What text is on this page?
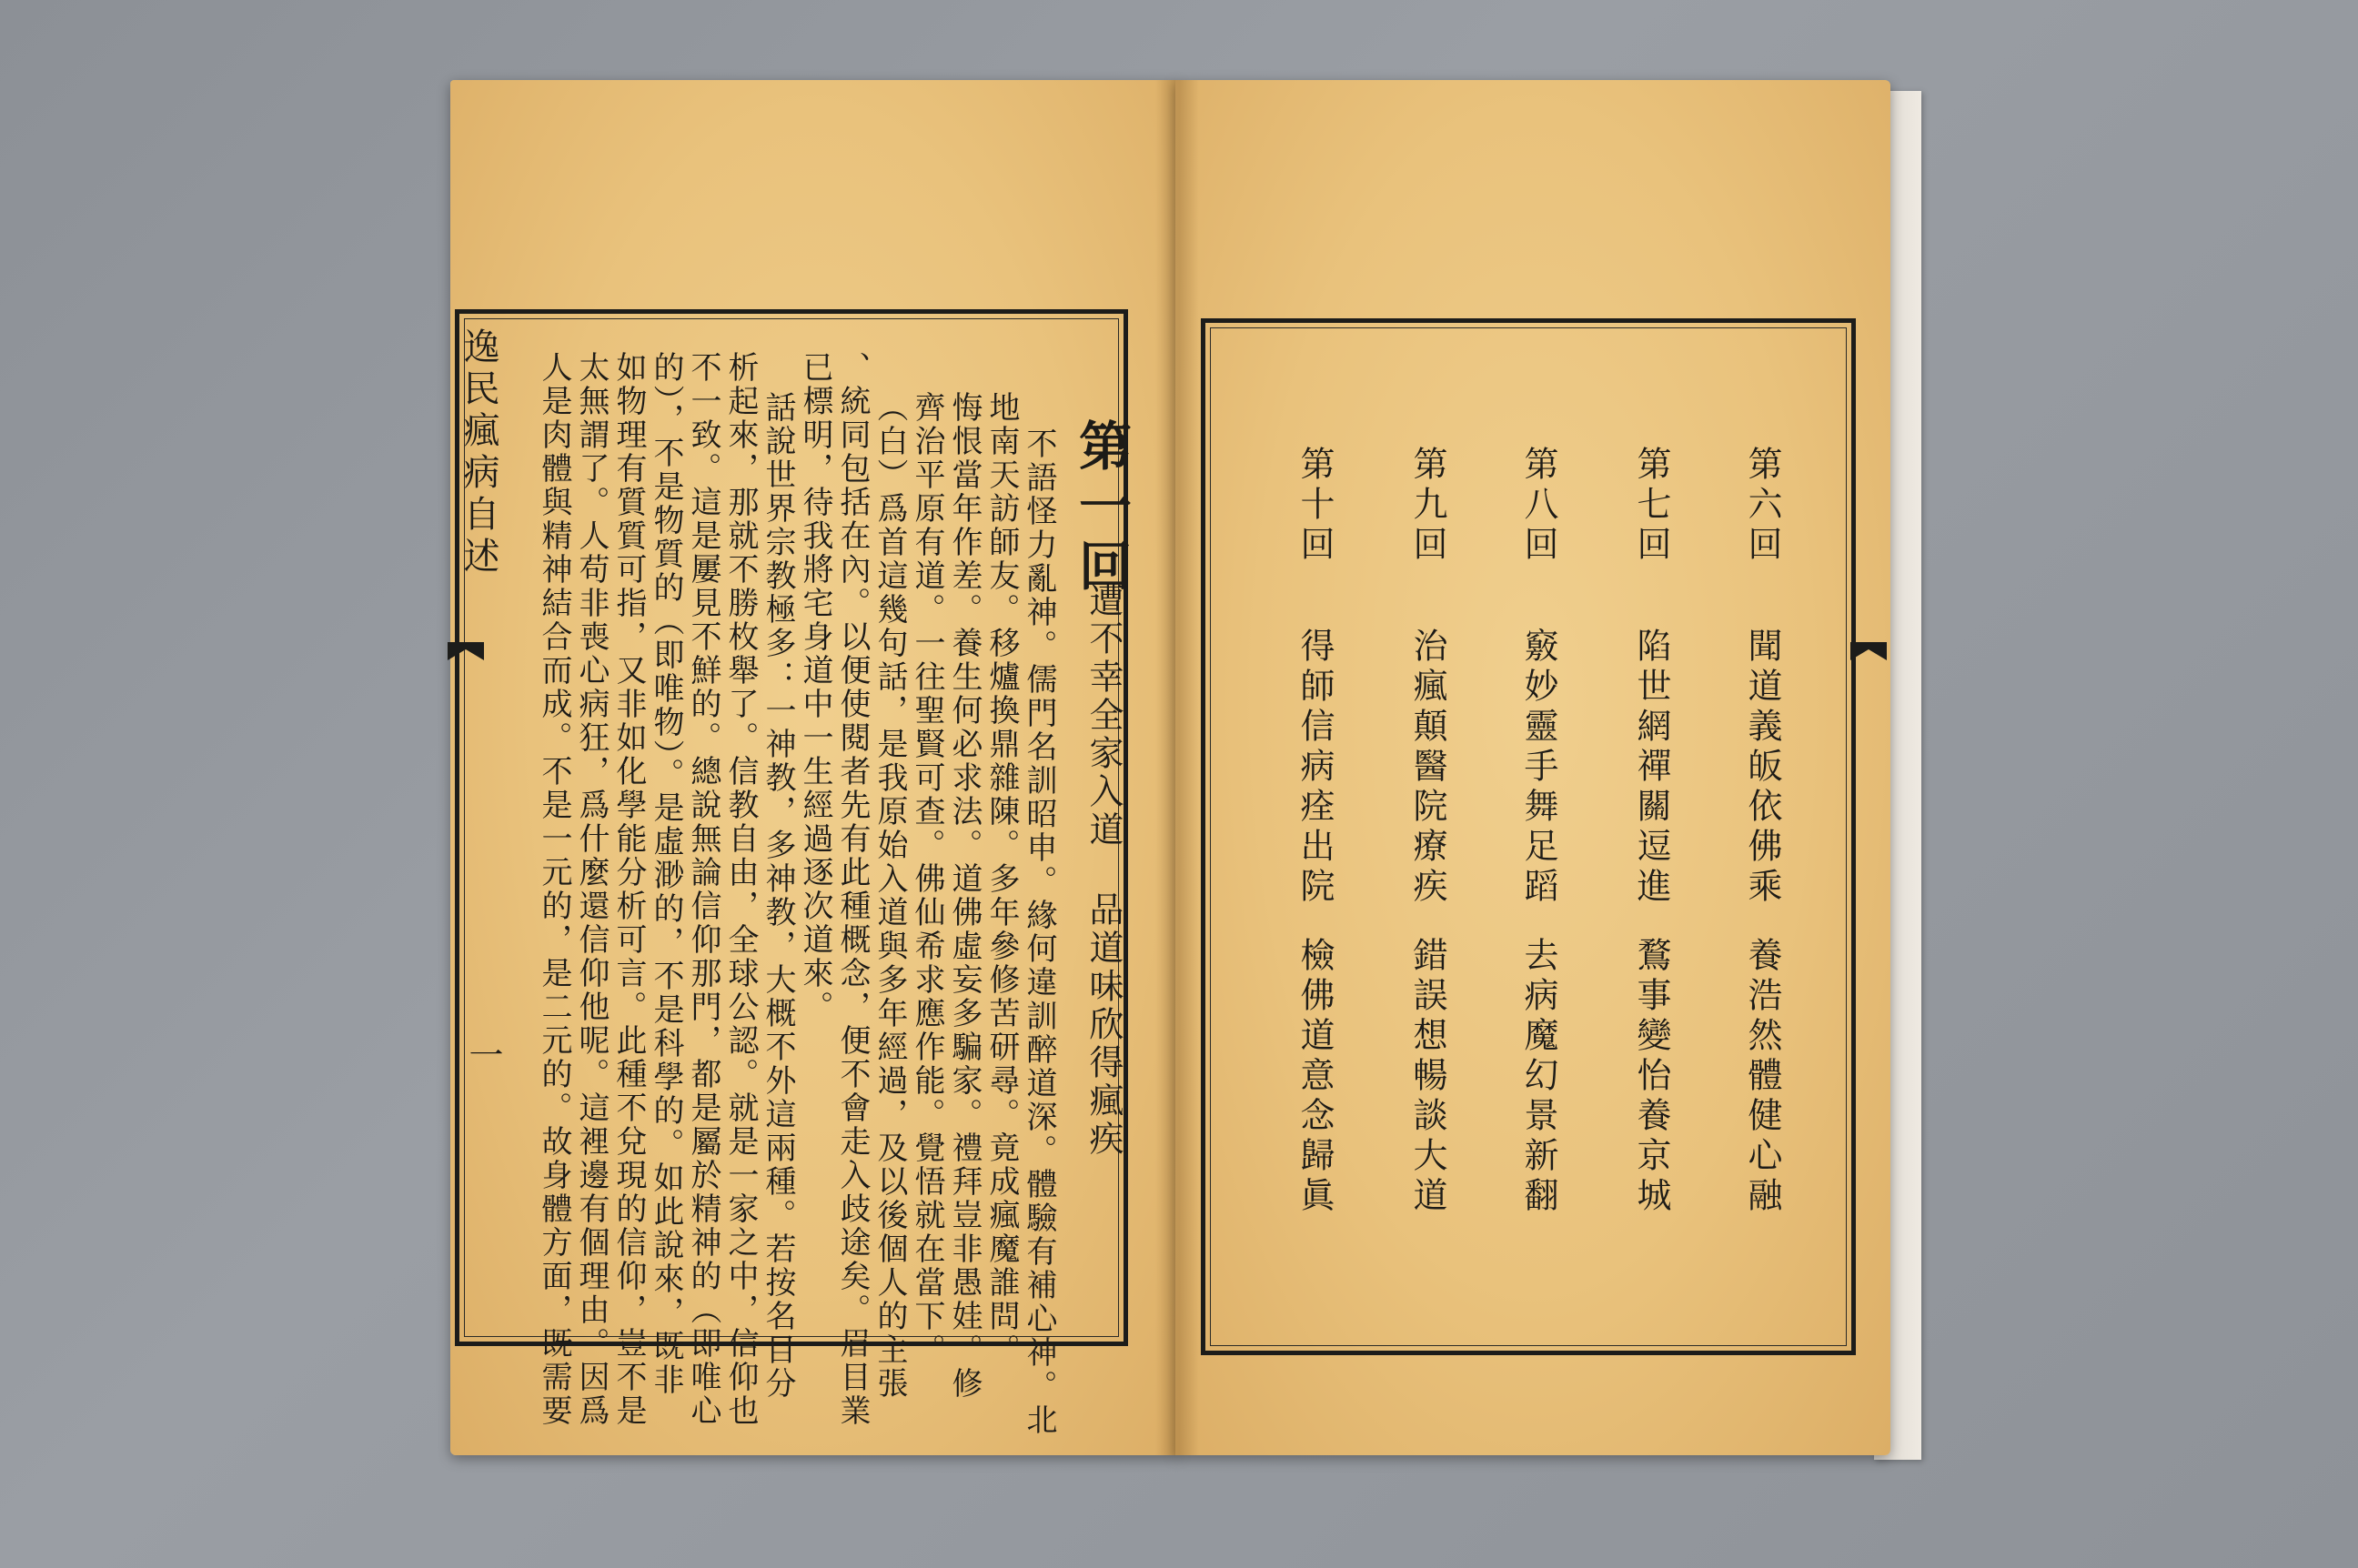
逸民瘋病自述
一
第一回
遭不幸全家入道
品道味欣得瘋疾
不語怪力亂神。儒門名訓昭申。緣何違訓醉道深。體驗有補心神。北
地南天訪師友。移爐換鼎雜陳。多年參修苦研尋。竟成瘋魔誰問。
悔恨當年作差。養生何必求法。道佛虛妄多騙家。禮拜豈非愚娃。修
齊治平原有道。一往聖賢可查。佛仙希求應作能。覺悟就在當下。
（白）爲首這幾句話，是我原始入道與多年經過，及以後個人的主張
、統同包括在內。以便使閱者先有此種概念，便不會走入歧途矣。眉目業
已標明，待我將宅身道中一生經過逐次道來。
話說世界宗教極多：一神教，多神教，大概不外這兩種。若按名目分
析起來，那就不勝枚舉了。信教自由，全球公認。就是一家之中，信仰也
不一致。這是屢見不鮮的。總說無論信仰那門，都是屬於精神的（即唯心
的），不是物質的（即唯物）。是虛渺的，不是科學的。如此說來，既非
如物理有質質可指，又非如化學能分析可言。此種不兌現的信仰，豈不是
太無謂了。人苟非喪心病狂，爲什麼還信仰他呢。這裡邊有個理由。因爲
人是肉體與精神結合而成。不是一元的，是二元的。故身體方面，既需要	第六回
聞道義皈依佛乘
養浩然體健心融
第七回
陷世網禪關逗進
鶩事變怡養京城
第八回
竅妙靈手舞足蹈
去病魔幻景新翻
第九回
治瘋顛醫院療疾
錯誤想暢談大道
第十回
得師信病痊出院
檢佛道意念歸眞
